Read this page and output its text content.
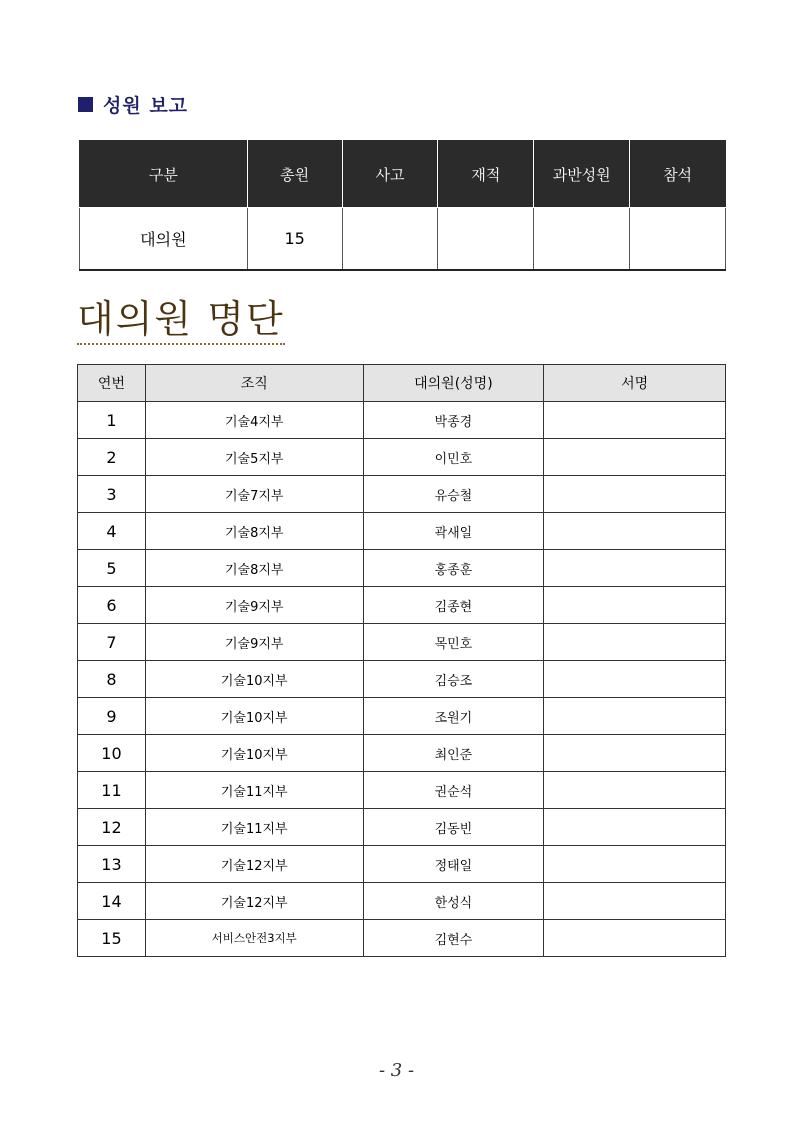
성원 보고
구분	총원	사고	재적	과반성원	참석
대의원	15				
대의원 명단
연번	조직	대의원(성명)	서명
1	기술4지부	박종경	
2	기술5지부	이민호	
3	기술7지부	유승철	
4	기술8지부	곽새일	
5	기술8지부	홍종훈	
6	기술9지부	김종현	
7	기술9지부	목민호	
8	기술10지부	김승조	
9	기술10지부	조원기	
10	기술10지부	최인준	
11	기술11지부	권순석	
12	기술11지부	김동빈	
13	기술12지부	정태일	
14	기술12지부	한성식	
15	서비스안전3지부	김현수	
- 3 -
